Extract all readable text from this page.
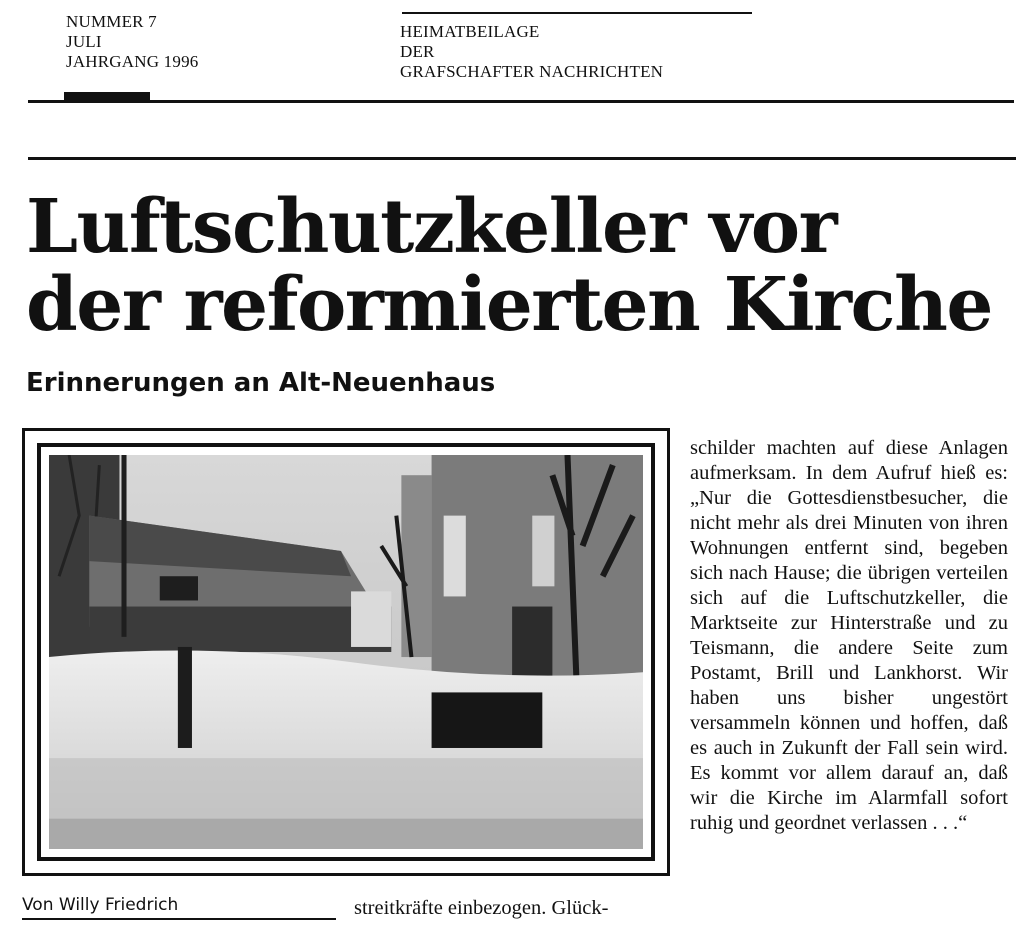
NUMMER 7
JULI
JAHRGANG 1996
HEIMATBEILAGE
DER
GRAFSCHAFTER NACHRICHTEN
Luftschutzkeller vor
der reformierten Kirche
Erinnerungen an Alt-Neuenhaus

schilder machten auf diese Anlagen aufmerksam. In dem Aufruf hieß es: „Nur die Gottesdienstbesucher, die nicht mehr als drei Minuten von ihren Wohnungen entfernt sind, begeben sich nach Hause; die übrigen verteilen sich auf die Luftschutzkeller, die Marktseite zur Hinterstraße und zu Teismann, die andere Seite zum Postamt, Brill und Lankhorst. Wir haben uns bisher ungestört versammeln können und hoffen, daß es auch in Zukunft der Fall sein wird. Es kommt vor allem darauf an, daß wir die Kirche im Alarmfall sofort ruhig und geordnet verlassen . . .“

Von Willy Friedrich	streitkräfte einbezogen. Glück-
